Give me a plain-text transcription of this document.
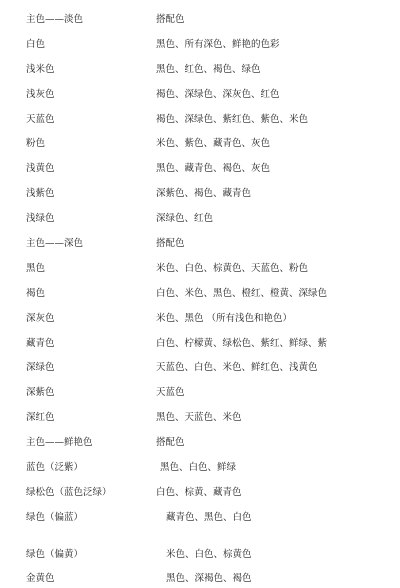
主色——淡色	搭配色
白色	黑色、所有深色、鲜艳的色彩
浅米色	黑色、红色、褐色、绿色
浅灰色	褐色、深绿色、深灰色、红色
天蓝色	褐色、深绿色、紫红色、紫色、米色
粉色	米色、紫色、藏青色、灰色
浅黄色	黑色、藏青色、褐色、灰色
浅紫色	深紫色、褐色、藏青色
浅绿色	深绿色、红色
主色——深色	搭配色
黑色	米色、白色、棕黄色、天蓝色、粉色
褐色	白色、米色、黑色、橙红、橙黄、深绿色
深灰色	米色、黑色 （所有浅色和艳色）
藏青色	白色、柠檬黄、绿松色、紫红、鲜绿、紫
深绿色	天蓝色、白色、米色、鲜红色、浅黄色
深紫色	天蓝色
深红色	黑色、天蓝色、米色
主色——鲜艳色	搭配色
蓝色（泛紫）	黑色、白色、鲜绿
绿松色（蓝色泛绿）	白色、棕黄、藏青色
绿色（偏蓝）	藏青色、黑色、白色
绿色（偏黄）	米色、白色、棕黄色
金黄色	黑色、深褐色、褐色
